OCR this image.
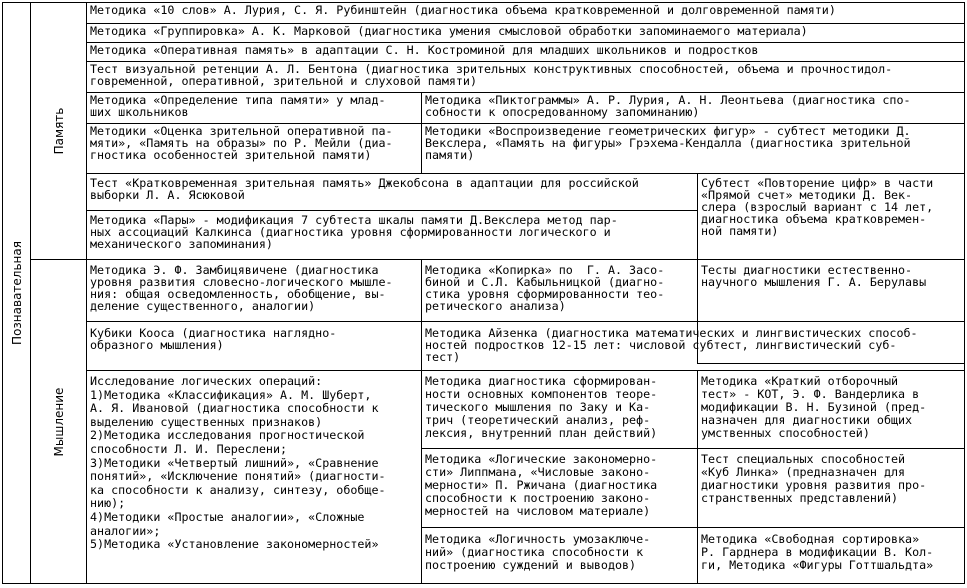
Познавательная
Память
Мышление
Методика «10 слов» А. Лурия, С. Я. Рубинштейн (диагностика объема кратковременной и долговременной памяти)
Методика «Группировка» А. К. Марковой (диагностика умения смысловой обработки запоминаемого материала)
Методика «Оперативная память» в адаптации С. Н. Костроминой для младших школьников и подростков
Тест визуальной ретенции А. Л. Бентона (диагностика зрительных конструктивных способностей, объема и прочностидол-
говременной, оперативной, зрительной и слуховой памяти)
Методика «Определение типа памяти» у млад-
ших школьников
Методика «Пиктограммы» А. Р. Лурия, А. Н. Леонтьева (диагностика спо-
собности к опосредованному запоминанию)
Методики «Оценка зрительной оперативной па-
мяти», «Память на образы» по Р. Мейли (диа-
гностика особенностей зрительной памяти)
Методики «Воспроизведение геометрических фигур» - субтест методики Д.
Векслера, «Память на фигуры» Грэхема-Кендалла (диагностика зрительной
памяти)
Тест «Кратковременная зрительная память» Джекобсона в адаптации для российской
выборки Л. А. Ясюковой
Методика «Пары» - модификация 7 субтеста шкалы памяти Д.Векслера метод пар-
ных ассоциаций Калкинса (диагностика уровня сформированности логического и
механического запоминания)
Субтест «Повторение цифр» в части
«Прямой счет» методики Д. Век-
слера (взрослый вариант с 14 лет,
диагностика объема кратковремен-
ной памяти)
Методика Э. Ф. Замбицявичене (диагностика
уровня развития словесно-логического мышле-
ния: общая осведомленность, обобщение, вы-
деление существенного, аналогии)
Методика «Копирка» по  Г. А. Засо-
биной и С.Л. Кабыльницкой (диагно-
стика уровня сформированности тео-
ретического анализа)
Тесты диагностики естественно-
научного мышления Г. А. Берулавы
Кубики Кооса (диагностика наглядно-
образного мышления)
Методика Айзенка (диагностика математических и лингвистических способ-
ностей подростков 12-15 лет: числовой субтест, лингвистический суб-
тест)
Исследование логических операций:
1)Методика «Классификация» А. М. Шуберт,
А. Я. Ивановой (диагностика способности к
выделению существенных признаков)
2)Методика исследования прогностической
способности Л. И. Переслени;
3)Методики «Четвертый лишний», «Сравнение
понятий», «Исключение понятий» (диагности-
ка способности к анализу, синтезу, обобще-
нию);
4)Методики «Простые аналогии», «Сложные
аналогии»;
5)Методика «Установление закономерностей»
Методика диагностика сформирован-
ности основных компонентов теоре-
тического мышления по Заку и Ка-
трич (теоретический анализ, реф-
лексия, внутренний план действий)
Методика «Краткий отборочный
тест» - КОТ, Э. Ф. Вандерлика в
модификации В. Н. Бузиной (пред-
назначен для диагностики общих
умственных способностей)
Методика «Логические закономерно-
сти» Липпмана, «Числовые законо-
мерности» П. Ржичана (диагностика
способности к построению законо-
мерностей на числовом материале)
Тест специальных способностей
«Куб Линка» (предназначен для
диагностики уровня развития про-
странственных представлений)
Методика «Логичность умозаключе-
ний» (диагностика способности к
построению суждений и выводов)
Методика «Свободная сортировка»
Р. Гарднера в модификации В. Кол-
ги, Методика «Фигуры Готтшальдта»
